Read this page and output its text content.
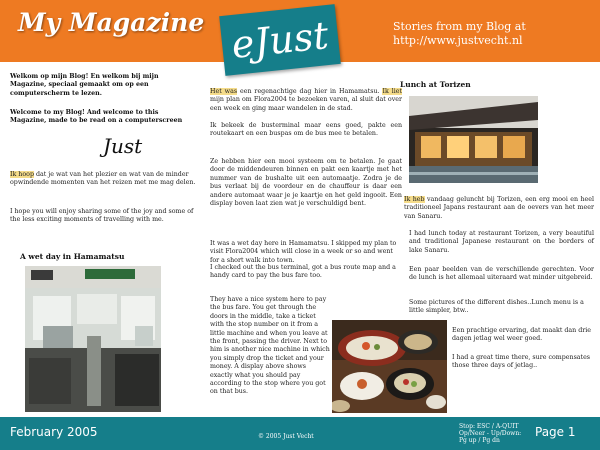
My Magazine	Stories from my Blog at
http://www.justvecht.nl
eJust
Welkom op mijn Blog! En welkom bij mijn Magazine, speciaal gemaakt om op een computerscherm te lezen.
Welcome to my Blog! And welcome to this Magazine, made to be read on a computerscreen
Just
Ik hoop dat je wat van het plezier en wat van de minder opwindende momenten van het reizen met me mag delen.
I hope you will enjoy sharing some of the joy and some of the less exciting moments of travelling with me.
A wet day in Hamamatsu
Het was een regenachtige dag hier in Hamamatsu. Ik liet mijn plan om Flora2004 te bezoeken varen, al sluit dat over een week en ging maar wandelen in de stad.
Ik bekeek de busterminal maar eens goed, pakte een routekaart en een buspas om de bus mee te betalen.
Ze hebben hier een mooi systeem om te betalen. Je gaat door de middendeuren binnen en pakt een kaartje met het nummer van de bushalte uit een automaatje. Zodra je de bus verlaat bij de voordeur en de chauffeur is daar een andere automaat waar je je kaartje en het geld ingooit. Een display boven laat zien wat je verschuldigd bent.
It was a wet day here in Hamamatsu. I skipped my plan to visit Flora2004 which will close in a week or so and went for a short walk into town.
I checked out the bus terminal, got a bus route map and a handy card to pay the bus fare too.
They have a nice system here to pay the bus fare. You get through the doors in the middle, take a ticket with the stop number on it from a little machine and when you leave at the front, passing the driver. Next to him is another nice machine in which you simply drop the ticket and your money. A display above shows exactly what you should pay according to the stop where you got on that bus.
Lunch at Torizen
Ik heb vandaag geluncht bij Torizen, een erg mooi en heel traditioneel Japans restaurant aan de oevers van het meer van Sanaru.
I had lunch today at restaurant Torizen, a very beautiful and traditional Japanese restaurant on the borders of lake Sanaru.
Een paar beelden van de verschillende gerechten. Voor de lunch is het allemaal uiteraard wat minder uitgebreid.
Some pictures of the different dishes..Lunch menu is a little simpler, btw..
Een prachtige ervaring, dat maakt dan drie dagen jetlag wel weer goed.
I had a great time there, sure compensates those three days of jetlag..
February 2005	© 2005 Just Vecht
Stop: ESC / A-QUIT
Op/Neer - Up/Down:
Pg up / Pg dn
Page 1
